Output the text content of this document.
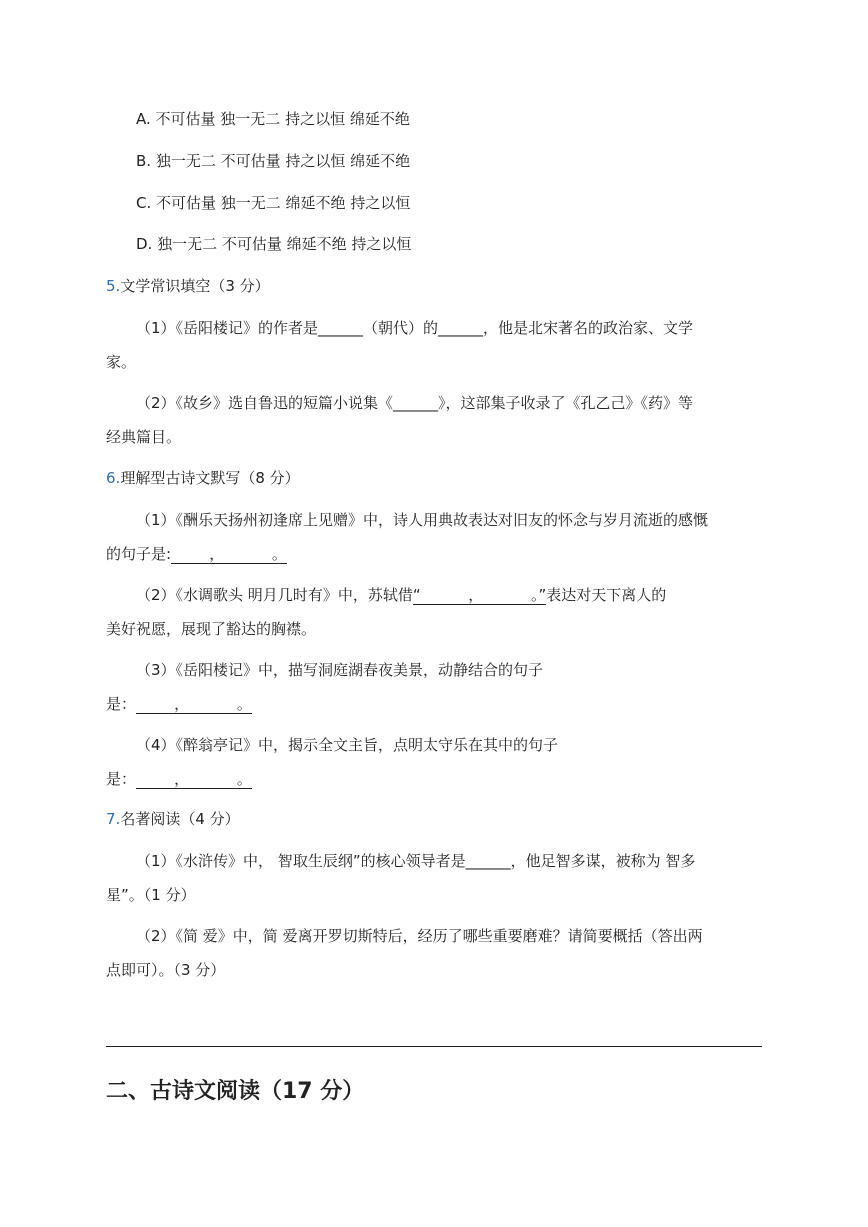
A. 不可估量 独一无二 持之以恒 绵延不绝
B. 独一无二 不可估量 持之以恒 绵延不绝
C. 不可估量 独一无二 绵延不绝 持之以恒
D. 独一无二 不可估量 绵延不绝 持之以恒
5.文学常识填空（3 分）
（1）《岳阳楼记》的作者是______（朝代）的______，他是北宋著名的政治家、文学
家。
（2）《故乡》选自鲁迅的短篇小说集《______》，这部集子收录了《孔乙己》《药》等
经典篇目。
6.理解型古诗文默写（8 分）
（1）《酬乐天扬州初逢席上见赠》中，诗人用典故表达对旧友的怀念与岁月流逝的感慨
的句子是:        ，          。
（2）《水调歌头 明月几时有》中，苏轼借“          ，          。”表达对天下离人的
美好祝愿，展现了豁达的胸襟。
（3）《岳阳楼记》中，描写洞庭湖春夜美景，动静结合的句子
是：        ，          。
（4）《醉翁亭记》中，揭示全文主旨，点明太守乐在其中的句子
是：        ，          。
7.名著阅读（4 分）
（1）《水浒传》中， 智取生辰纲”的核心领导者是______，他足智多谋，被称为 智多
星”。（1 分）
（2）《简 爱》中，简 爱离开罗切斯特后，经历了哪些重要磨难？请简要概括（答出两
点即可）。（3 分）
二、古诗文阅读（17 分）
